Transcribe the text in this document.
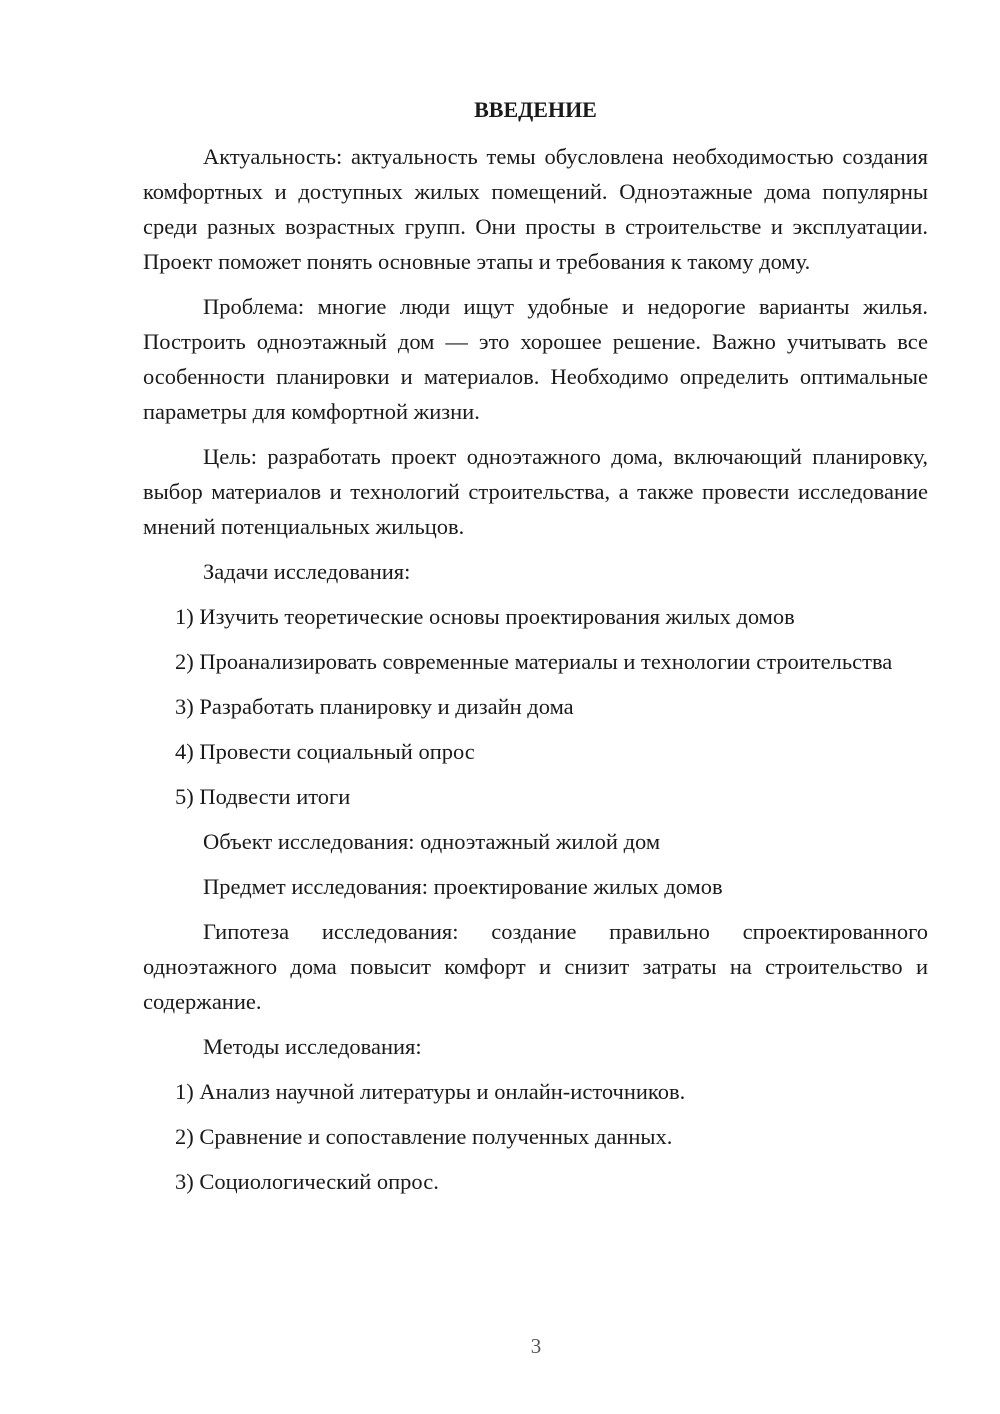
ВВЕДЕНИЕ

Актуальность: актуальность темы обусловлена необходимостью создания комфортных и доступных жилых помещений. Одноэтажные дома популярны среди разных возрастных групп. Они просты в строительстве и эксплуатации. Проект поможет понять основные этапы и требования к такому дому.

Проблема: многие люди ищут удобные и недорогие варианты жилья. Построить одноэтажный дом — это хорошее решение. Важно учитывать все особенности планировки и материалов. Необходимо определить оптимальные параметры для комфортной жизни.

Цель: разработать проект одноэтажного дома, включающий планировку, выбор материалов и технологий строительства, а также провести исследование мнений потенциальных жильцов.

Задачи исследования:

1) Изучить теоретические основы проектирования жилых домов

2) Проанализировать современные материалы и технологии строительства

3) Разработать планировку и дизайн дома

4) Провести социальный опрос

5) Подвести итоги

Объект исследования: одноэтажный жилой дом

Предмет исследования: проектирование жилых домов

Гипотеза исследования: создание правильно спроектированного одноэтажного дома повысит комфорт и снизит затраты на строительство и содержание.

Методы исследования:

1) Анализ научной литературы и онлайн-источников.

2) Сравнение и сопоставление полученных данных.

3) Социологический опрос.

3
